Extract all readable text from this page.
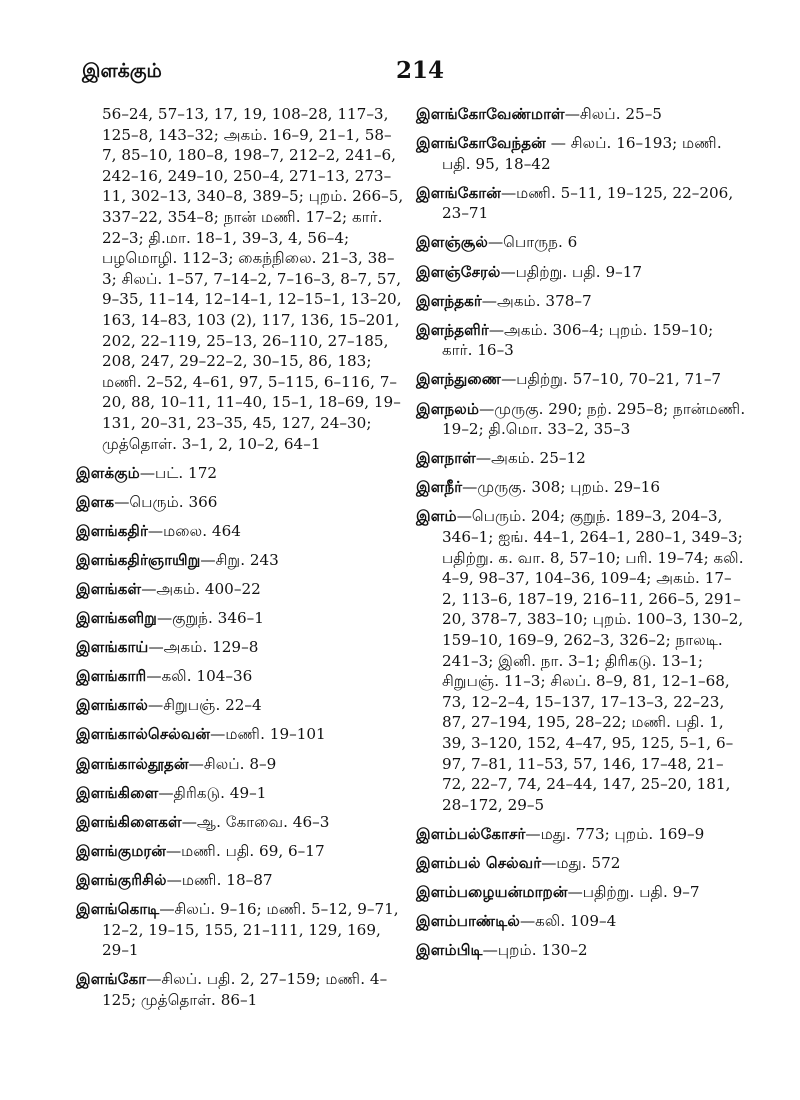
இளக்கும்	214
56–24, 57–13, 17, 19, 108–28, 117–3, 125–8, 143–32; அகம். 16–9, 21–1, 58–7, 85–10, 180–8, 198–7, 212–2, 241–6, 242–16, 249–10, 250–4, 271–13, 273–11, 302–13, 340–8, 389–5; புறம். 266–5, 337–22, 354–8; நான் மணி. 17–2; கார். 22–3; தி.மா. 18–1, 39–3, 4, 56–4; பழமொழி. 112–3; கைந்நிலை. 21–3, 38–3; சிலப். 1–57, 7–14–2, 7–16–3, 8–7, 57, 9–35, 11–14, 12–14–1, 12–15–1, 13–20, 163, 14–83, 103 (2), 117, 136, 15–201, 202, 22–119, 25–13, 26–110, 27–185, 208, 247, 29–22–2, 30–15, 86, 183; மணி. 2–52, 4–61, 97, 5–115, 6–116, 7–20, 88, 10–11, 11–40, 15–1, 18–69, 19–131, 20–31, 23–35, 45, 127, 24–30; முத்தொள். 3–1, 2, 10–2, 64–1
இளக்கும்—பட். 172
இளக—பெரும். 366
இளங்கதிர்—மலை. 464
இளங்கதிர்ஞாயிறு—சிறு. 243
இளங்கள்—அகம். 400–22
இளங்களிறு—குறுந். 346–1
இளங்காய்—அகம். 129–8
இளங்காரி—கலி. 104–36
இளங்கால்—சிறுபஞ். 22–4
இளங்கால்செல்வன்—மணி. 19–101
இளங்கால்தூதன்—சிலப். 8–9
இளங்கிளை—திரிகடு. 49–1
இளங்கிளைகள்—ஆ. கோவை. 46–3
இளங்குமரன்—மணி. பதி. 69, 6–17
இளங்குரிசில்—மணி. 18–87
இளங்கொடி—சிலப். 9–16; மணி. 5–12, 9–71, 12–2, 19–15, 155, 21–111, 129, 169, 29–1
இளங்கோ—சிலப். பதி. 2, 27–159; மணி. 4–125; முத்தொள். 86–1
இளங்கோவேண்மாள்—சிலப். 25–5
இளங்கோவேந்தன் — சிலப். 16–193; மணி. பதி. 95, 18–42
இளங்கோன்—மணி. 5–11, 19–125, 22–206, 23–71
இளஞ்சூல்—பொருந. 6
இளஞ்சேரல்—பதிற்று. பதி. 9–17
இளந்தகர்—அகம். 378–7
இளந்தளிர்—அகம். 306–4; புறம். 159–10; கார். 16–3
இளந்துணை—பதிற்று. 57–10, 70–21, 71–7
இளநலம்—முருகு. 290; நற். 295–8; நான்மணி. 19–2; தி.மொ. 33–2, 35–3
இளநாள்—அகம். 25–12
இளநீர்—முருகு. 308; புறம். 29–16
இளம்—பெரும். 204; குறுந். 189–3, 204–3, 346–1; ஐங். 44–1, 264–1, 280–1, 349–3; பதிற்று. க. வா. 8, 57–10; பரி. 19–74; கலி. 4–9, 98–37, 104–36, 109–4; அகம். 17–2, 113–6, 187–19, 216–11, 266–5, 291–20, 378–7, 383–10; புறம். 100–3, 130–2, 159–10, 169–9, 262–3, 326–2; நாலடி. 241–3; இனி. நா. 3–1; திரிகடு. 13–1; சிறுபஞ். 11–3; சிலப். 8–9, 81, 12–1–68, 73, 12–2–4, 15–137, 17–13–3, 22–23, 87, 27–194, 195, 28–22; மணி. பதி. 1, 39, 3–120, 152, 4–47, 95, 125, 5–1, 6–97, 7–81, 11–53, 57, 146, 17–48, 21–72, 22–7, 74, 24–44, 147, 25–20, 181, 28–172, 29–5
இளம்பல்கோசர்—மது. 773; புறம். 169–9
இளம்பல் செல்வர்—மது. 572
இளம்பழையன்மாறன்—பதிற்று. பதி. 9–7
இளம்பாண்டில்—கலி. 109–4
இளம்பிடி—புறம். 130–2
